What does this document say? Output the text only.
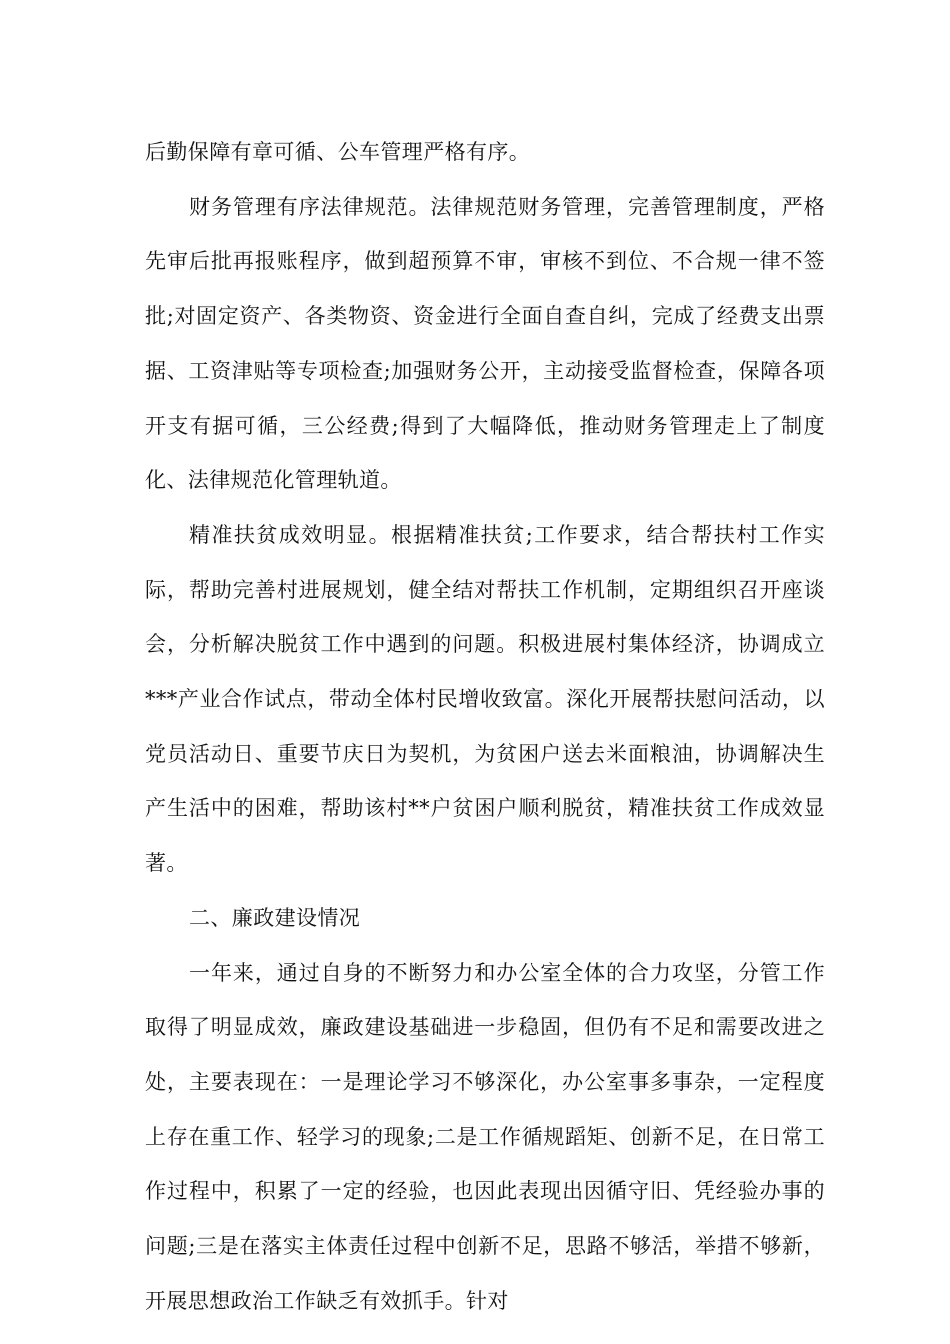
后勤保障有章可循、公车管理严格有序。

财务管理有序法律规范。法律规范财务管理，完善管理制度，严格先审后批再报账程序，做到超预算不审，审核不到位、不合规一律不签批;对固定资产、各类物资、资金进行全面自查自纠，完成了经费支出票据、工资津贴等专项检查;加强财务公开，主动接受监督检查，保障各项开支有据可循，三公经费;得到了大幅降低，推动财务管理走上了制度化、法律规范化管理轨道。

精准扶贫成效明显。根据精准扶贫;工作要求，结合帮扶村工作实际，帮助完善村进展规划，健全结对帮扶工作机制，定期组织召开座谈会，分析解决脱贫工作中遇到的问题。积极进展村集体经济，协调成立***产业合作试点，带动全体村民增收致富。深化开展帮扶慰问活动，以党员活动日、重要节庆日为契机，为贫困户送去米面粮油，协调解决生产生活中的困难，帮助该村**户贫困户顺利脱贫，精准扶贫工作成效显著。

二、廉政建设情况

一年来，通过自身的不断努力和办公室全体的合力攻坚，分管工作取得了明显成效，廉政建设基础进一步稳固，但仍有不足和需要改进之处，主要表现在：一是理论学习不够深化，办公室事多事杂，一定程度上存在重工作、轻学习的现象;二是工作循规蹈矩、创新不足，在日常工作过程中，积累了一定的经验，也因此表现出因循守旧、凭经验办事的问题;三是在落实主体责任过程中创新不足，思路不够活，举措不够新，开展思想政治工作缺乏有效抓手。针对
